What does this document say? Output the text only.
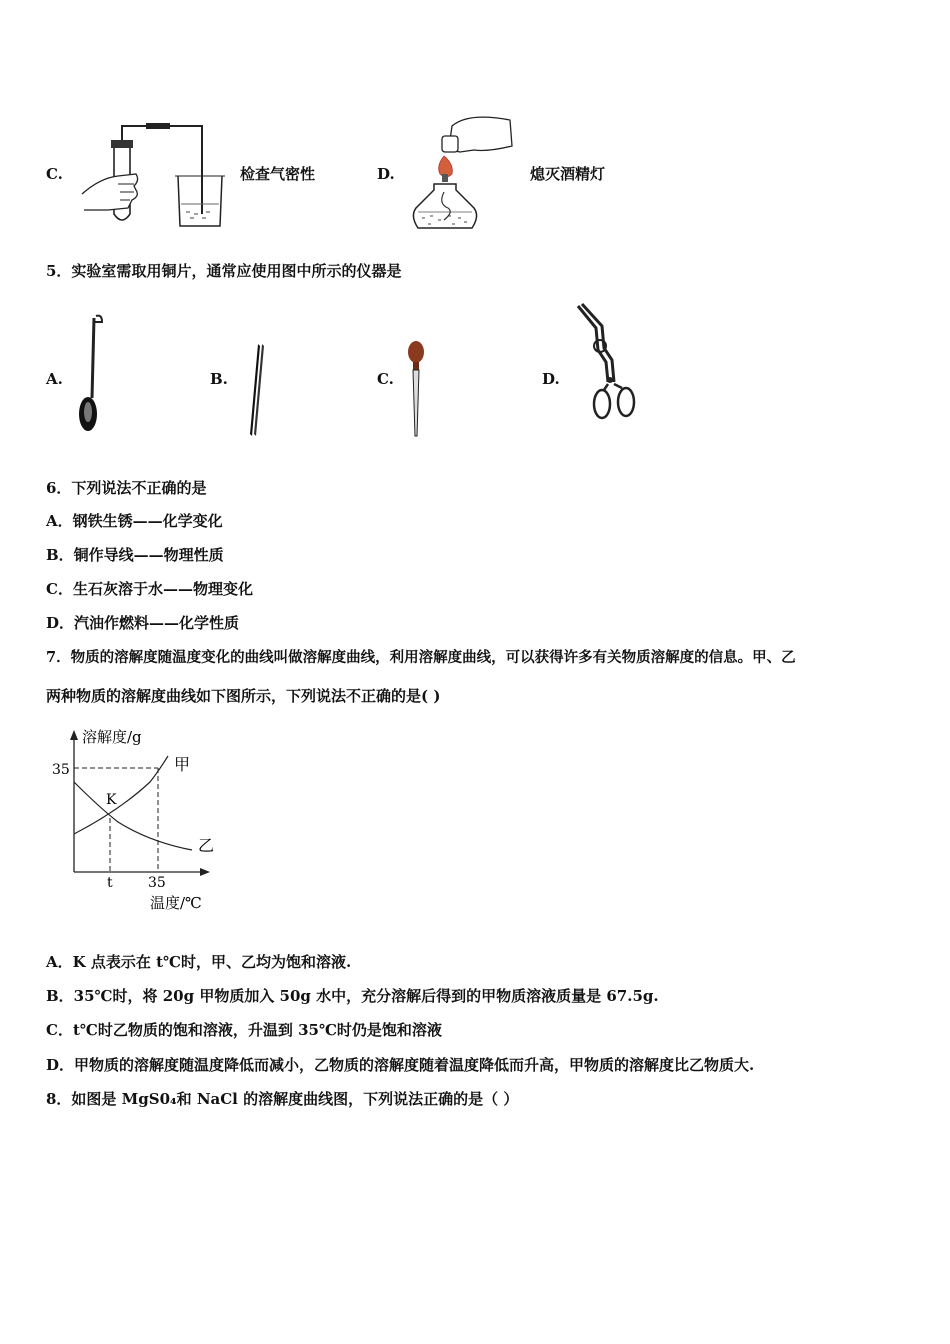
C.	检查气密性	D.	熄灭酒精灯
5．实验室需取用铜片，通常应使用图中所示的仪器是
A.	B.	C.	D.
6．下列说法不正确的是
A．钢铁生锈——化学变化
B．铜作导线——物理性质
C．生石灰溶于水——物理变化
D．汽油作燃料——化学性质
7．物质的溶解度随温度变化的曲线叫做溶解度曲线，利用溶解度曲线，可以获得许多有关物质溶解度的信息。甲、乙
两种物质的溶解度曲线如下图所示，下列说法不正确的是( )
溶解度/g
温度/℃
35
t	35
K
甲
乙
A．K 点表示在 t℃时，甲、乙均为饱和溶液.
B．35℃时，将 20g 甲物质加入 50g 水中，充分溶解后得到的甲物质溶液质量是 67.5g.
C．t℃时乙物质的饱和溶液，升温到 35℃时仍是饱和溶液
D．甲物质的溶解度随温度降低而减小，乙物质的溶解度随着温度降低而升高，甲物质的溶解度比乙物质大.
8．如图是 MgS0₄和 NaCl 的溶解度曲线图，下列说法正确的是（ ）
